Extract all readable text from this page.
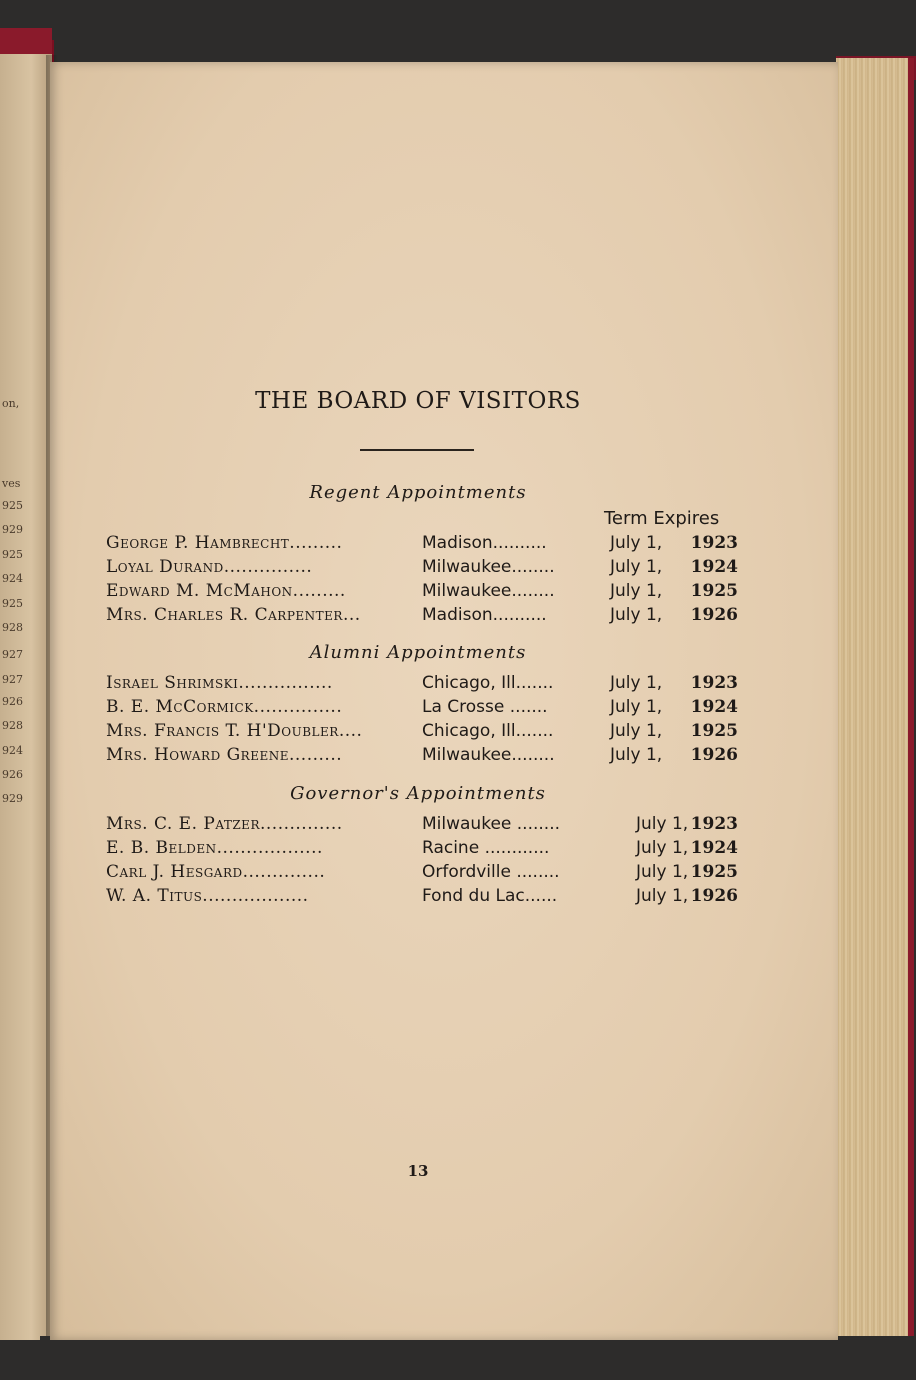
on,
ves
925
929
925
924
925
928
927
927
926
928
924
926
929
THE BOARD OF VISITORS
Regent Appointments
Term Expires
George P. Hambrecht.........	Madison..........	July 1, 1923
Loyal Durand...............	Milwaukee........	July 1, 1924
Edward M. McMahon.........	Milwaukee........	July 1, 1925
Mrs. Charles R. Carpenter...	Madison..........	July 1, 1926
Alumni Appointments
Israel Shrimski................	Chicago, Ill.......	July 1, 1923
B. E. McCormick...............	La Crosse .......	July 1, 1924
Mrs. Francis T. H'Doubler....	Chicago, Ill.......	July 1, 1925
Mrs. Howard Greene.........	Milwaukee........	July 1, 1926
Governor's Appointments
Mrs. C. E. Patzer..............	Milwaukee ........	July 1, 1923
E. B. Belden..................	Racine ............	July 1, 1924
Carl J. Hesgard..............	Orfordville ........	July 1, 1925
W. A. Titus..................	Fond du Lac......	July 1, 1926
13
